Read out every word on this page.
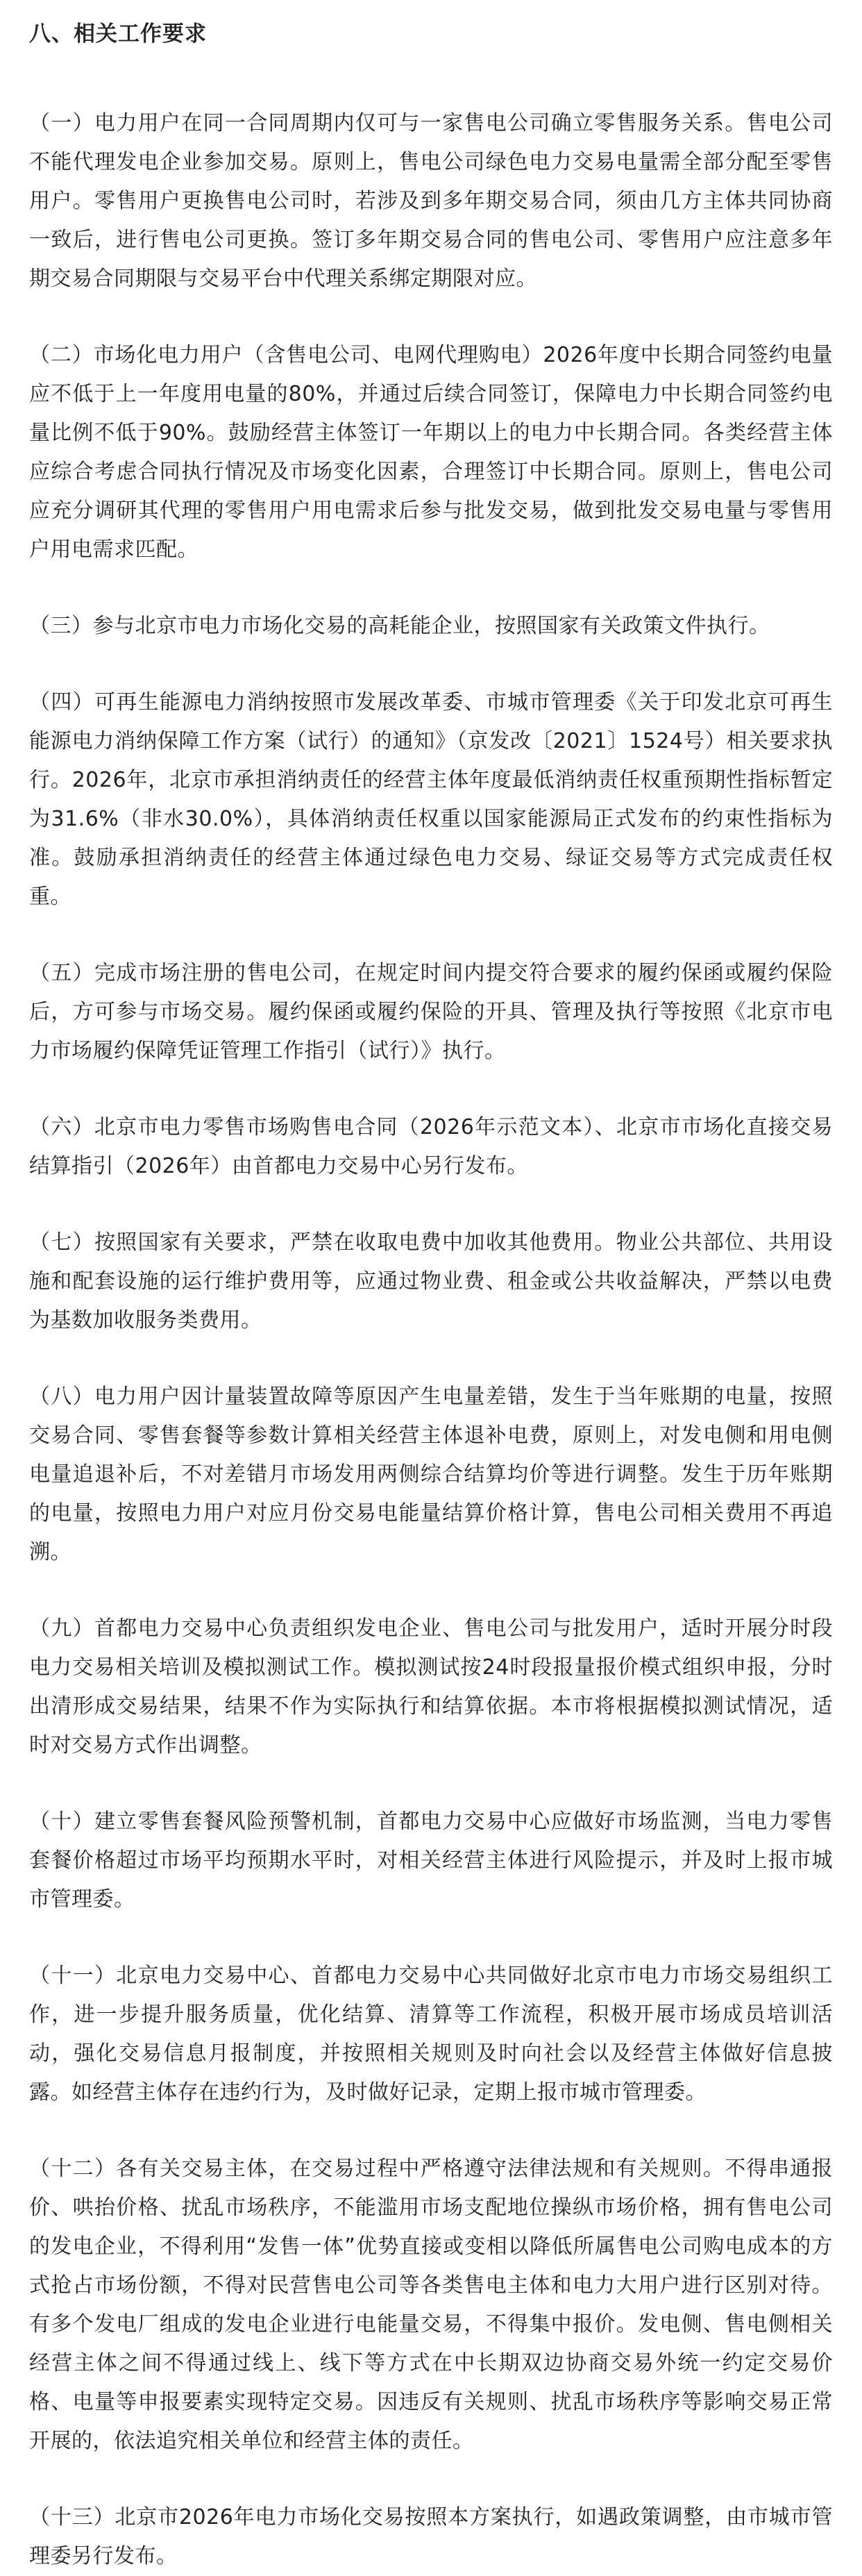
八、相关工作要求
（一）电力用户在同一合同周期内仅可与一家售电公司确立零售服务关系。售电公司不能代理发电企业参加交易。原则上，售电公司绿色电力交易电量需全部分配至零售用户。零售用户更换售电公司时，若涉及到多年期交易合同，须由几方主体共同协商一致后，进行售电公司更换。签订多年期交易合同的售电公司、零售用户应注意多年期交易合同期限与交易平台中代理关系绑定期限对应。
（二）市场化电力用户（含售电公司、电网代理购电）2026年度中长期合同签约电量应不低于上一年度用电量的80%，并通过后续合同签订，保障电力中长期合同签约电量比例不低于90%。鼓励经营主体签订一年期以上的电力中长期合同。各类经营主体应综合考虑合同执行情况及市场变化因素，合理签订中长期合同。原则上，售电公司应充分调研其代理的零售用户用电需求后参与批发交易，做到批发交易电量与零售用户用电需求匹配。
（三）参与北京市电力市场化交易的高耗能企业，按照国家有关政策文件执行。
（四）可再生能源电力消纳按照市发展改革委、市城市管理委《关于印发北京可再生能源电力消纳保障工作方案（试行）的通知》（京发改〔2021〕1524号）相关要求执行。2026年，北京市承担消纳责任的经营主体年度最低消纳责任权重预期性指标暂定为31.6%（非水30.0%），具体消纳责任权重以国家能源局正式发布的约束性指标为准。鼓励承担消纳责任的经营主体通过绿色电力交易、绿证交易等方式完成责任权重。
（五）完成市场注册的售电公司，在规定时间内提交符合要求的履约保函或履约保险后，方可参与市场交易。履约保函或履约保险的开具、管理及执行等按照《北京市电力市场履约保障凭证管理工作指引（试行）》执行。
（六）北京市电力零售市场购售电合同（2026年示范文本）、北京市市场化直接交易结算指引（2026年）由首都电力交易中心另行发布。
（七）按照国家有关要求，严禁在收取电费中加收其他费用。物业公共部位、共用设施和配套设施的运行维护费用等，应通过物业费、租金或公共收益解决，严禁以电费为基数加收服务类费用。
（八）电力用户因计量装置故障等原因产生电量差错，发生于当年账期的电量，按照交易合同、零售套餐等参数计算相关经营主体退补电费，原则上，对发电侧和用电侧电量追退补后，不对差错月市场发用两侧综合结算均价等进行调整。发生于历年账期的电量，按照电力用户对应月份交易电能量结算价格计算，售电公司相关费用不再追溯。
（九）首都电力交易中心负责组织发电企业、售电公司与批发用户，适时开展分时段电力交易相关培训及模拟测试工作。模拟测试按24时段报量报价模式组织申报，分时出清形成交易结果，结果不作为实际执行和结算依据。本市将根据模拟测试情况，适时对交易方式作出调整。
（十）建立零售套餐风险预警机制，首都电力交易中心应做好市场监测，当电力零售套餐价格超过市场平均预期水平时，对相关经营主体进行风险提示，并及时上报市城市管理委。
（十一）北京电力交易中心、首都电力交易中心共同做好北京市电力市场交易组织工作，进一步提升服务质量，优化结算、清算等工作流程，积极开展市场成员培训活动，强化交易信息月报制度，并按照相关规则及时向社会以及经营主体做好信息披露。如经营主体存在违约行为，及时做好记录，定期上报市城市管理委。
（十二）各有关交易主体，在交易过程中严格遵守法律法规和有关规则。不得串通报价、哄抬价格、扰乱市场秩序，不能滥用市场支配地位操纵市场价格，拥有售电公司的发电企业，不得利用“发售一体”优势直接或变相以降低所属售电公司购电成本的方式抢占市场份额，不得对民营售电公司等各类售电主体和电力大用户进行区别对待。有多个发电厂组成的发电企业进行电能量交易，不得集中报价。发电侧、售电侧相关经营主体之间不得通过线上、线下等方式在中长期双边协商交易外统一约定交易价格、电量等申报要素实现特定交易。因违反有关规则、扰乱市场秩序等影响交易正常开展的，依法追究相关单位和经营主体的责任。
（十三）北京市2026年电力市场化交易按照本方案执行，如遇政策调整，由市城市管理委另行发布。
